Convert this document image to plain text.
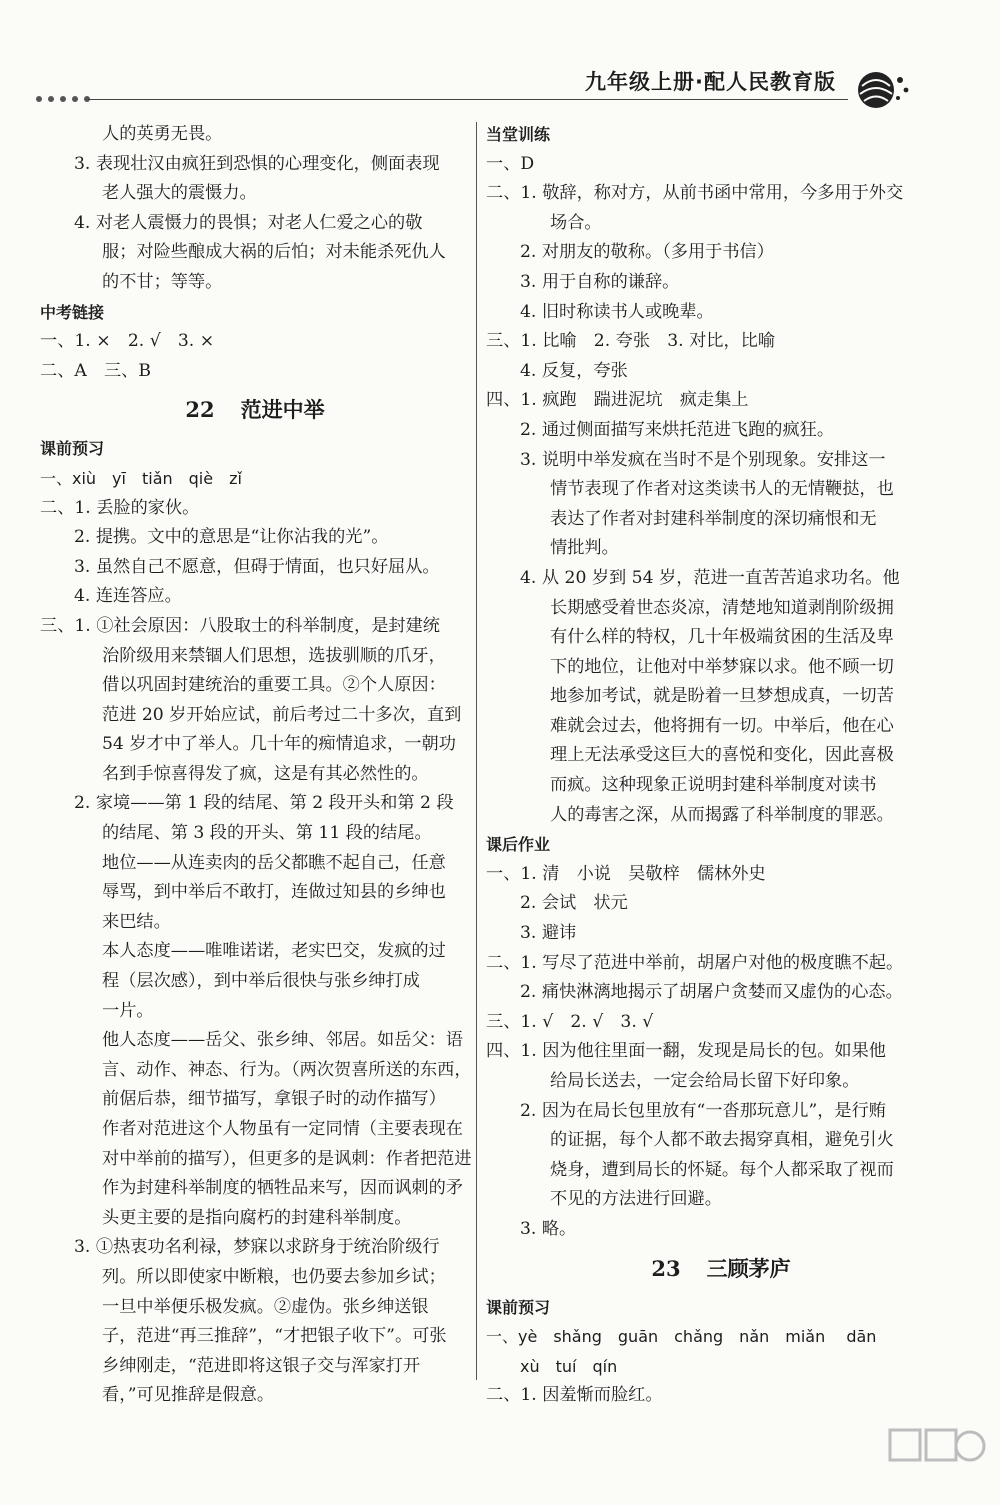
九年级上册·配人民教育版
人的英勇无畏。
3. 表现壮汉由疯狂到恐惧的心理变化，侧面表现
老人强大的震慑力。
4. 对老人震慑力的畏惧；对老人仁爱之心的敬
服；对险些酿成大祸的后怕；对未能杀死仇人
的不甘；等等。
中考链接
一、1. ×　2. √　3. ×
二、A　三、B
22 范进中举
课前预习
一、xiù　yī　tiǎn　qiè　zǐ
二、1. 丢脸的家伙。
2. 提携。文中的意思是“让你沾我的光”。
3. 虽然自己不愿意，但碍于情面，也只好屈从。
4. 连连答应。
三、1. ①社会原因：八股取士的科举制度，是封建统
治阶级用来禁锢人们思想，选拔驯顺的爪牙，
借以巩固封建统治的重要工具。②个人原因：
范进 20 岁开始应试，前后考过二十多次，直到
54 岁才中了举人。几十年的痴情追求，一朝功
名到手惊喜得发了疯，这是有其必然性的。
2. 家境——第 1 段的结尾、第 2 段开头和第 2 段
的结尾、第 3 段的开头、第 11 段的结尾。
地位——从连卖肉的岳父都瞧不起自己，任意
辱骂，到中举后不敢打，连做过知县的乡绅也
来巴结。
本人态度——唯唯诺诺，老实巴交，发疯的过
程（层次感），到中举后很快与张乡绅打成
一片。
他人态度——岳父、张乡绅、邻居。如岳父：语
言、动作、神态、行为。（两次贺喜所送的东西，
前倨后恭，细节描写，拿银子时的动作描写）
作者对范进这个人物虽有一定同情（主要表现在
对中举前的描写），但更多的是讽刺：作者把范进
作为封建科举制度的牺牲品来写，因而讽刺的矛
头更主要的是指向腐朽的封建科举制度。
3. ①热衷功名利禄，梦寐以求跻身于统治阶级行
列。所以即使家中断粮，也仍要去参加乡试；
一旦中举便乐极发疯。②虚伪。张乡绅送银
子，范进“再三推辞”，“才把银子收下”。可张
乡绅刚走，“范进即将这银子交与浑家打开
看，”可见推辞是假意。
当堂训练
一、D
二、1. 敬辞，称对方，从前书函中常用，今多用于外交
场合。
2. 对朋友的敬称。（多用于书信）
3. 用于自称的谦辞。
4. 旧时称读书人或晚辈。
三、1. 比喻　2. 夸张　3. 对比，比喻
4. 反复，夸张
四、1. 疯跑　踹进泥坑　疯走集上
2. 通过侧面描写来烘托范进飞跑的疯狂。
3. 说明中举发疯在当时不是个别现象。安排这一
情节表现了作者对这类读书人的无情鞭挞，也
表达了作者对封建科举制度的深切痛恨和无
情批判。
4. 从 20 岁到 54 岁，范进一直苦苦追求功名。他
长期感受着世态炎凉，清楚地知道剥削阶级拥
有什么样的特权，几十年极端贫困的生活及卑
下的地位，让他对中举梦寐以求。他不顾一切
地参加考试，就是盼着一旦梦想成真，一切苦
难就会过去，他将拥有一切。中举后，他在心
理上无法承受这巨大的喜悦和变化，因此喜极
而疯。这种现象正说明封建科举制度对读书
人的毒害之深，从而揭露了科举制度的罪恶。
课后作业
一、1. 清　小说　吴敬梓　儒林外史
2. 会试　状元
3. 避讳
二、1. 写尽了范进中举前，胡屠户对他的极度瞧不起。
2. 痛快淋漓地揭示了胡屠户贪婪而又虚伪的心态。
三、1. √　2. √　3. √
四、1. 因为他往里面一翻，发现是局长的包。如果他
给局长送去，一定会给局长留下好印象。
2. 因为在局长包里放有“一沓那玩意儿”，是行贿
的证据，每个人都不敢去揭穿真相，避免引火
烧身，遭到局长的怀疑。每个人都采取了视而
不见的方法进行回避。
3. 略。
23 三顾茅庐
课前预习
一、yè　shǎng　guān　chǎng　nǎn　miǎn　 dān
xù　tuí　qín
二、1. 因羞惭而脸红。
